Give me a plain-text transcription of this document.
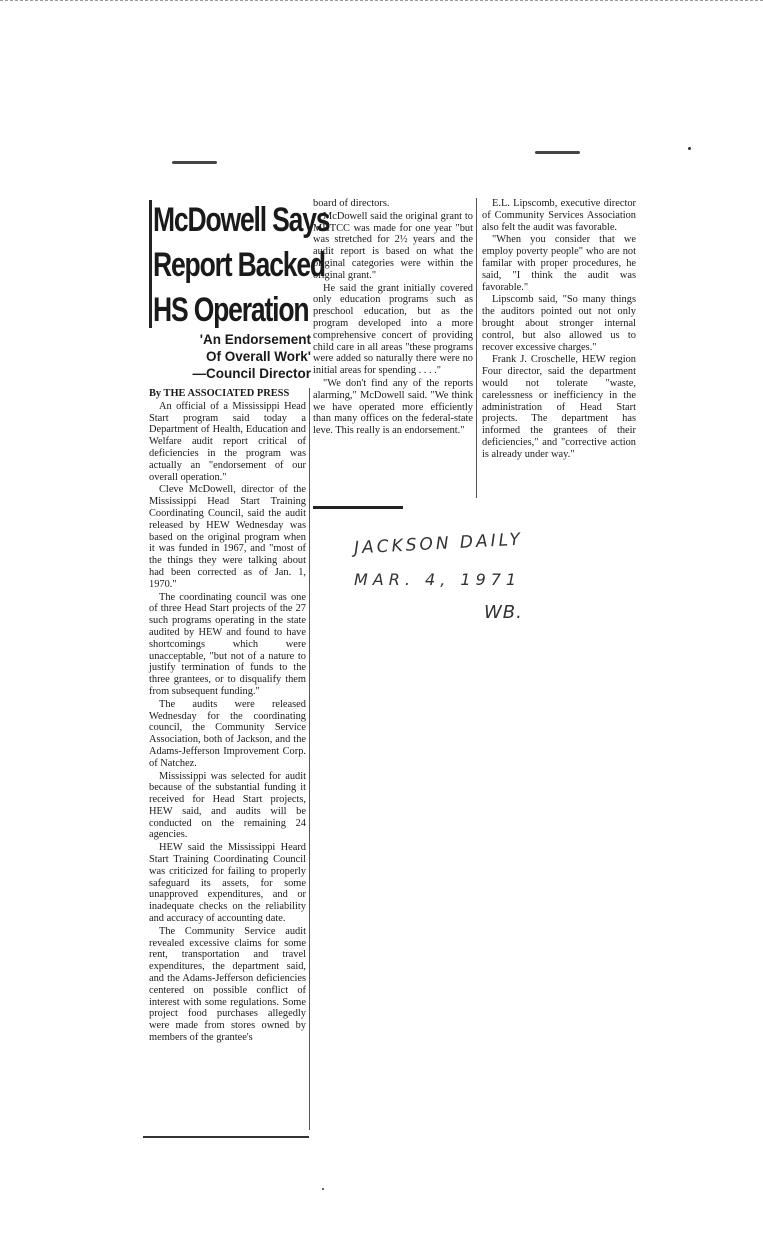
McDowell Says
Report Backed
HS Operation
'An Endorsement
Of Overall Work'
—Council Director

By THE ASSOCIATED PRESS

An official of a Mississippi Head Start program said today a Department of Health, Education and Welfare audit report critical of deficiencies in the program was actually an "endorsement of our overall operation."

Cleve McDowell, director of the Mississippi Head Start Training Coordinating Council, said the audit released by HEW Wednesday was based on the original program when it was funded in 1967, and "most of the things they were talking about had been corrected as of Jan. 1, 1970."

The coordinating council was one of three Head Start projects of the 27 such programs operating in the state audited by HEW and found to have shortcomings which were unacceptable, "but not of a nature to justify termination of funds to the three grantees, or to disqualify them from subsequent funding."

The audits were released Wednesday for the coordinating council, the Community Service Association, both of Jackson, and the Adams-Jefferson Improvement Corp. of Natchez.

Mississippi was selected for audit because of the substantial funding it received for Head Start projects, HEW said, and audits will be conducted on the remaining 24 agencies.

HEW said the Mississippi Heard Start Training Coordinating Council was criticized for failing to properly safeguard its assets, for some unapproved expenditures, and or inadequate checks on the reliability and accuracy of accounting date.

The Community Service audit revealed excessive claims for some rent, transportation and travel expenditures, the department said, and the Adams-Jefferson deficiencies centered on possible conflict of interest with some regulations. Some project food purchases allegedly were made from stores owned by members of the grantee's

board of directors.

McDowell said the original grant to MHTCC was made for one year "but was stretched for 2½ years and the audit report is based on what the original categories were within the original grant."

He said the grant initially covered only education programs such as preschool education, but as the program developed into a more comprehensive concert of providing child care in all areas "these programs were added so naturally there were no initial areas for spending . . . ."

"We don't find any of the reports alarming," McDowell said. "We think we have operated more efficiently than many offices on the federal-state leve. This really is an endorsement."

E.L. Lipscomb, executive director of Community Services Association also felt the audit was favorable.

"When you consider that we employ poverty people" who are not familar with proper procedures, he said, "I think the audit was favorable."

Lipscomb said, "So many things the auditors pointed out not only brought about stronger internal control, but also allowed us to recover excessive charges."

Frank J. Croschelle, HEW region Four director, said the department would not tolerate "waste, carelessness or inefficiency in the administration of Head Start projects. The department has informed the grantees of their deficiencies," and "corrective action is already under way."

JACKSON DAILY
MAR. 4, 1971
WB.
